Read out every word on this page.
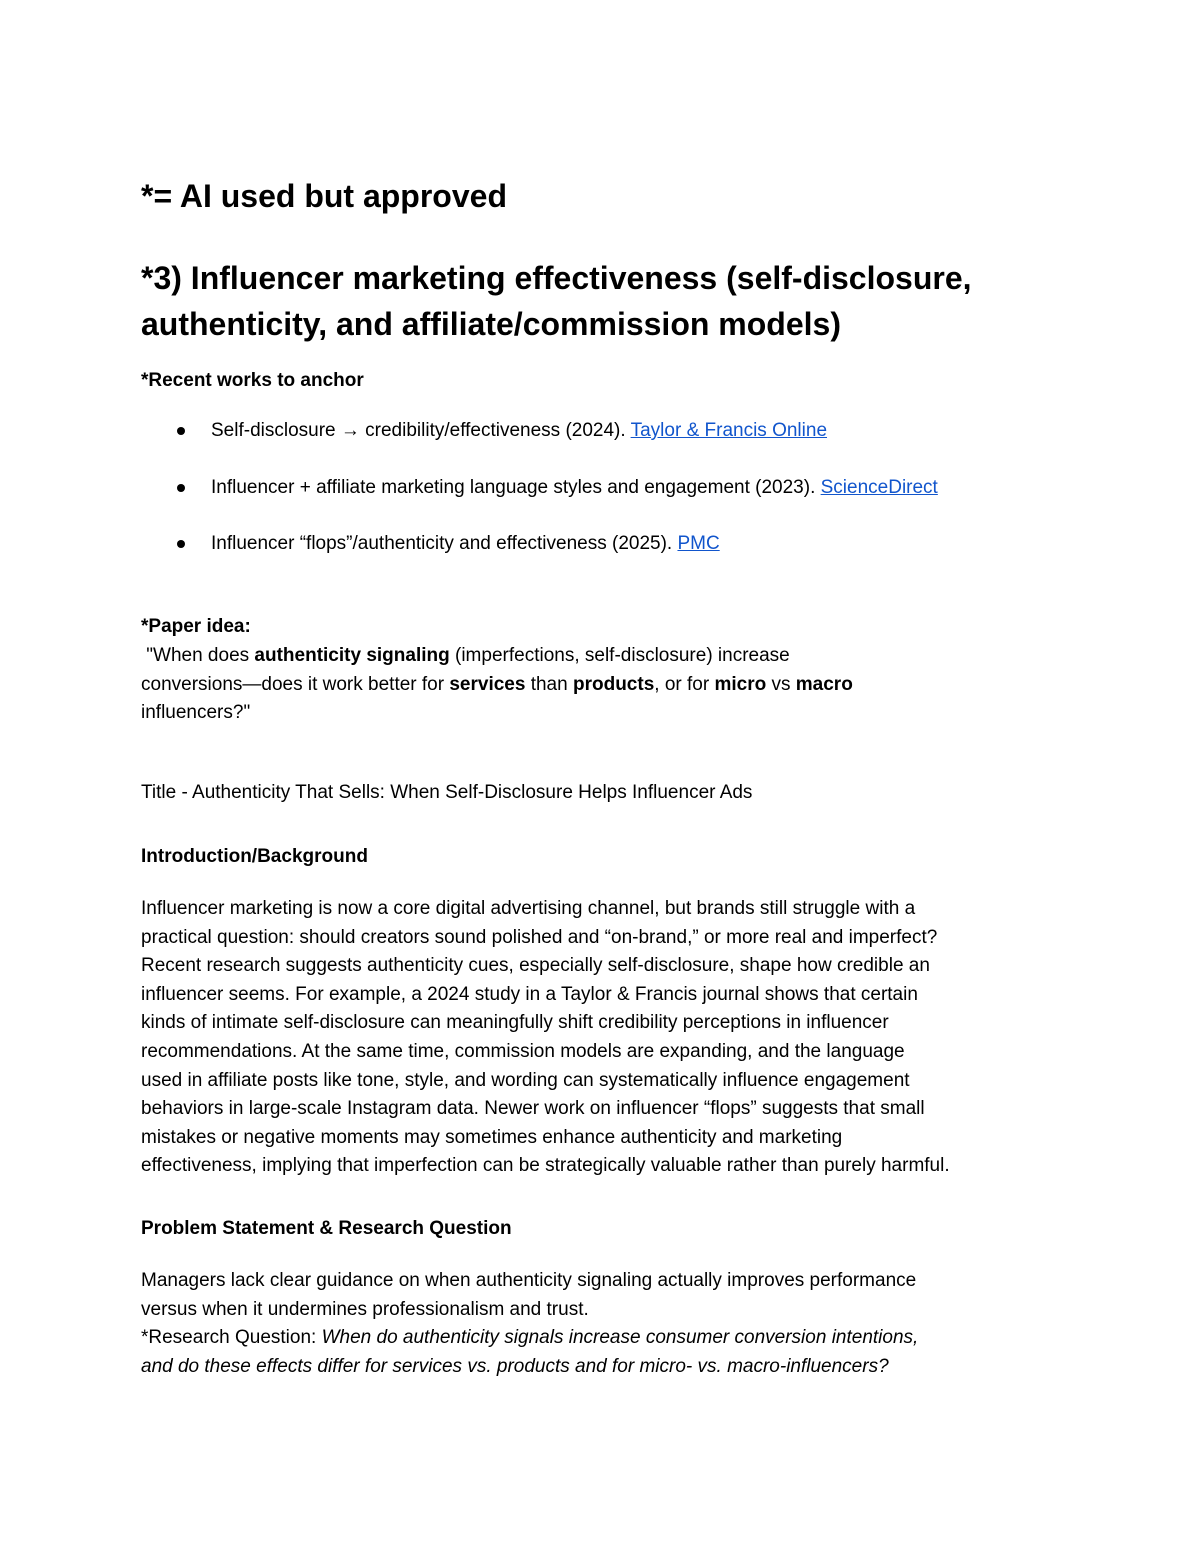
*= AI used but approved
*3) Influencer marketing effectiveness (self-disclosure, authenticity, and affiliate/commission models)
*Recent works to anchor
Self-disclosure → credibility/effectiveness (2024). Taylor & Francis Online
Influencer + affiliate marketing language styles and engagement (2023). ScienceDirect
Influencer “flops”/authenticity and effectiveness (2025). PMC
*Paper idea:
"When does authenticity signaling (imperfections, self-disclosure) increase
conversions—does it work better for services than products, or for micro vs macro
influencers?"
Title - Authenticity That Sells: When Self-Disclosure Helps Influencer Ads
Introduction/Background
Influencer marketing is now a core digital advertising channel, but brands still struggle with a
practical question: should creators sound polished and “on-brand,” or more real and imperfect?
Recent research suggests authenticity cues, especially self-disclosure, shape how credible an
influencer seems. For example, a 2024 study in a Taylor & Francis journal shows that certain
kinds of intimate self-disclosure can meaningfully shift credibility perceptions in influencer
recommendations. At the same time, commission models are expanding, and the language
used in affiliate posts like tone, style, and wording can systematically influence engagement
behaviors in large-scale Instagram data. Newer work on influencer “flops” suggests that small
mistakes or negative moments may sometimes enhance authenticity and marketing
effectiveness, implying that imperfection can be strategically valuable rather than purely harmful.
Problem Statement & Research Question
Managers lack clear guidance on when authenticity signaling actually improves performance
versus when it undermines professionalism and trust.
*Research Question: When do authenticity signals increase consumer conversion intentions,
and do these effects differ for services vs. products and for micro- vs. macro-influencers?
